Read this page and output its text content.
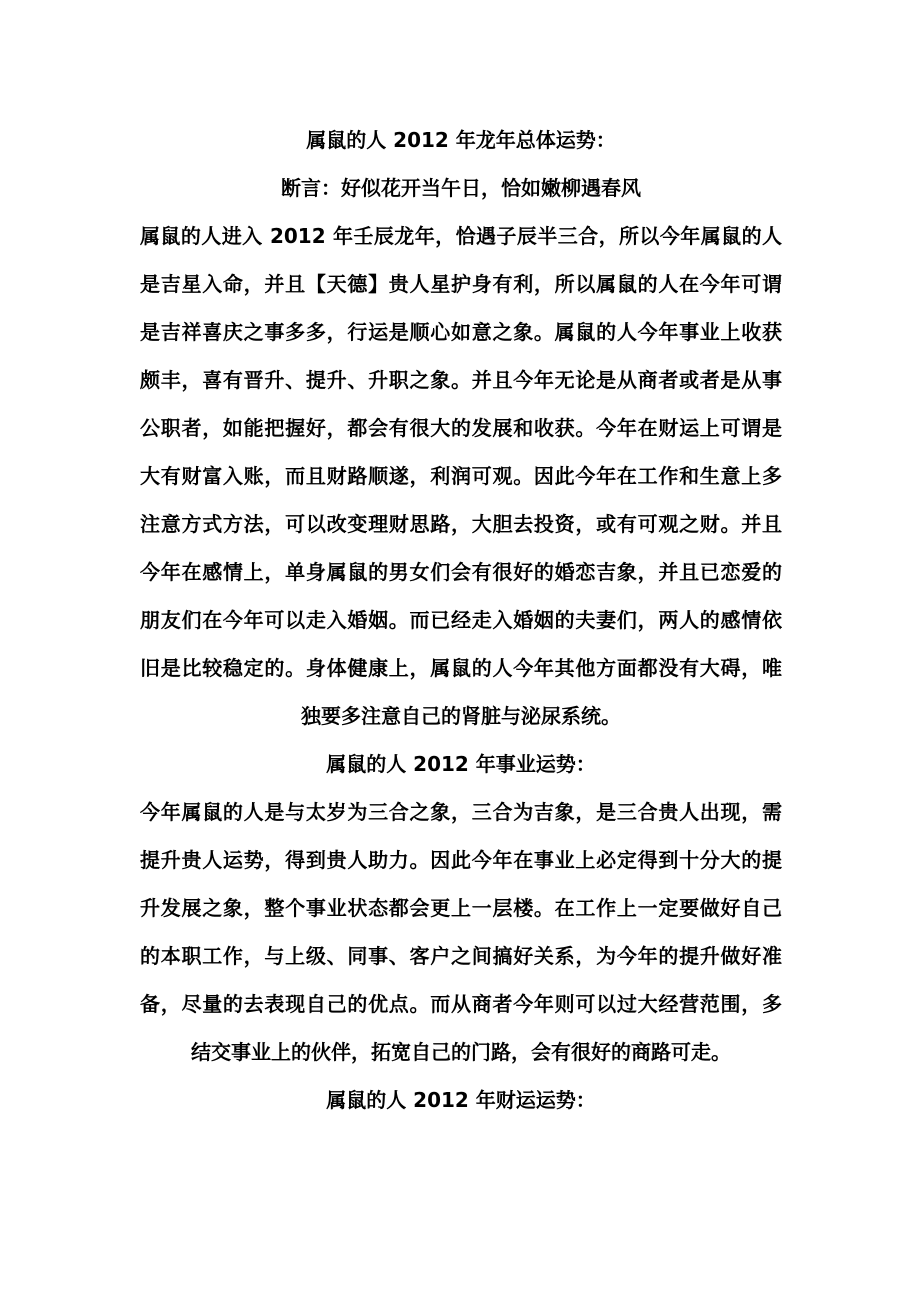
属鼠的人 2012 年龙年总体运势：
断言：好似花开当午日，恰如嫩柳遇春风
属鼠的人进入 2012 年壬辰龙年，恰遇子辰半三合，所以今年属鼠的人
是吉星入命，并且【天德】贵人星护身有利，所以属鼠的人在今年可谓
是吉祥喜庆之事多多，行运是顺心如意之象。属鼠的人今年事业上收获
颇丰，喜有晋升、提升、升职之象。并且今年无论是从商者或者是从事
公职者，如能把握好，都会有很大的发展和收获。今年在财运上可谓是
大有财富入账，而且财路顺遂，利润可观。因此今年在工作和生意上多
注意方式方法，可以改变理财思路，大胆去投资，或有可观之财。并且
今年在感情上，单身属鼠的男女们会有很好的婚恋吉象，并且已恋爱的
朋友们在今年可以走入婚姻。而已经走入婚姻的夫妻们，两人的感情依
旧是比较稳定的。身体健康上，属鼠的人今年其他方面都没有大碍，唯
独要多注意自己的肾脏与泌尿系统。
属鼠的人 2012 年事业运势：
今年属鼠的人是与太岁为三合之象，三合为吉象，是三合贵人出现，需
提升贵人运势，得到贵人助力。因此今年在事业上必定得到十分大的提
升发展之象，整个事业状态都会更上一层楼。在工作上一定要做好自己
的本职工作，与上级、同事、客户之间搞好关系，为今年的提升做好准
备，尽量的去表现自己的优点。而从商者今年则可以过大经营范围，多
结交事业上的伙伴，拓宽自己的门路，会有很好的商路可走。
属鼠的人 2012 年财运运势：
